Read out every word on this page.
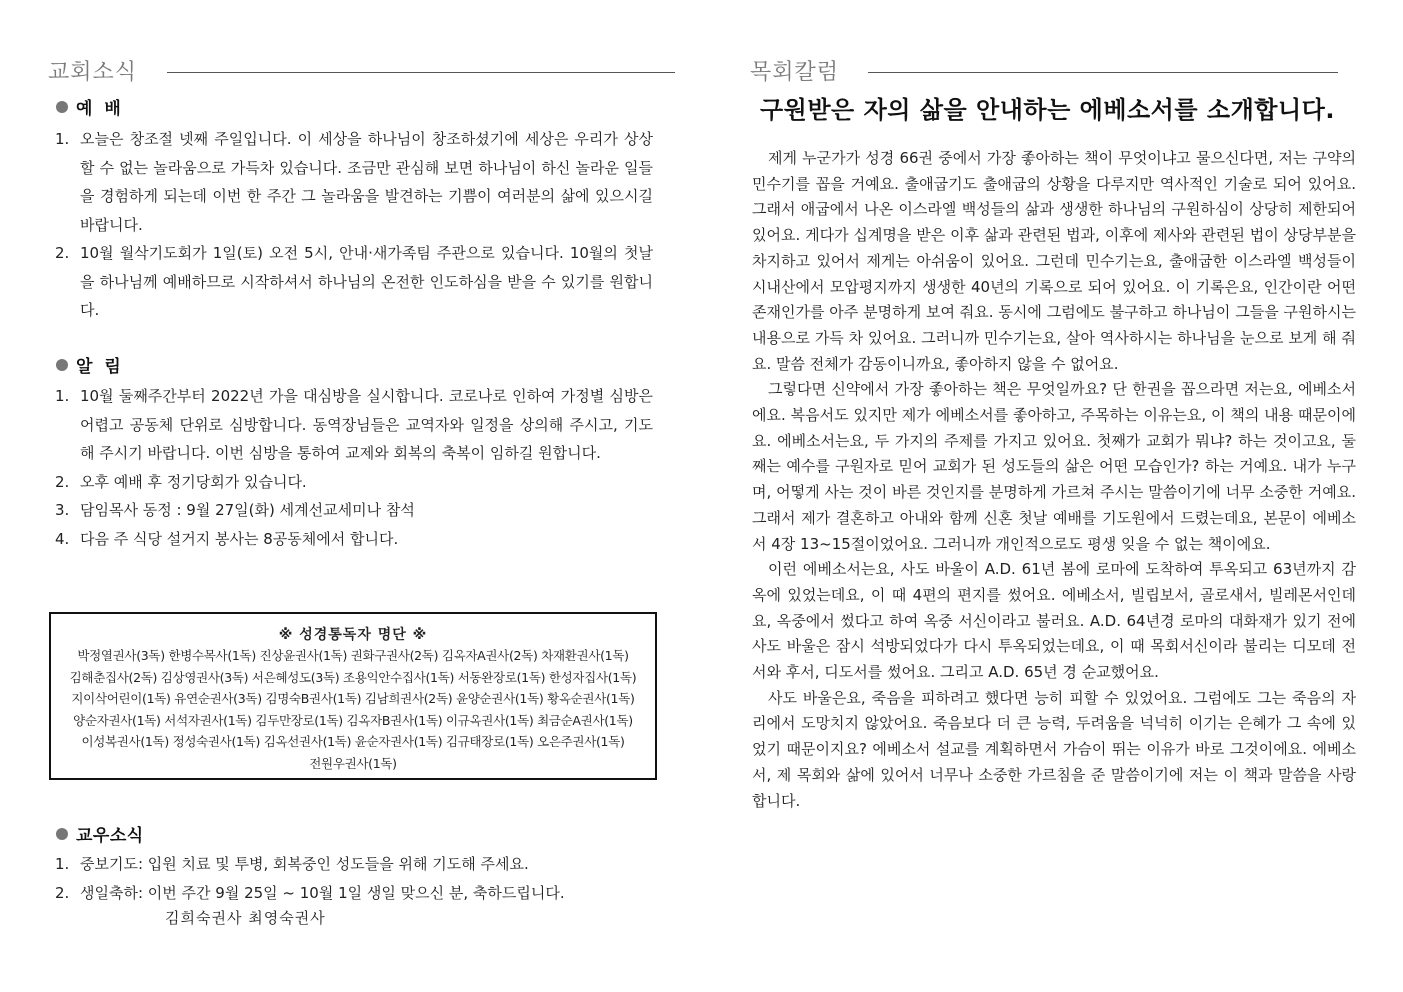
교회소식
예 배
1. 오늘은 창조절 넷째 주일입니다. 이 세상을 하나님이 창조하셨기에 세상은 우리가 상상할 수 없는 놀라움으로 가득차 있습니다. 조금만 관심해 보면 하나님이 하신 놀라운 일들을 경험하게 되는데 이번 한 주간 그 놀라움을 발견하는 기쁨이 여러분의 삶에 있으시길 바랍니다.
2. 10월 월삭기도회가 1일(토) 오전 5시, 안내·새가족팀 주관으로 있습니다. 10월의 첫날을 하나님께 예배하므로 시작하셔서 하나님의 온전한 인도하심을 받을 수 있기를 원합니다.
알 림
1. 10월 둘째주간부터 2022년 가을 대심방을 실시합니다. 코로나로 인하여 가정별 심방은 어렵고 공동체 단위로 심방합니다. 동역장님들은 교역자와 일정을 상의해 주시고, 기도해 주시기 바랍니다. 이번 심방을 통하여 교제와 회복의 축복이 임하길 원합니다.
2. 오후 예배 후 정기당회가 있습니다.
3. 담임목사 동정 : 9월 27일(화) 세계선교세미나 참석
4. 다음 주 식당 설거지 봉사는 8공동체에서 합니다.
※ 성경통독자 명단 ※
박정열권사(3독) 한병수목사(1독) 진상윤권사(1독) 권화구권사(2독) 김옥자A권사(2독) 차재환권사(1독)
김해춘집사(2독) 김상영권사(3독) 서은혜성도(3독) 조용익안수집사(1독) 서동완장로(1독) 한성자집사(1독)
지이삭어린이(1독) 유연순권사(3독) 김명숙B권사(1독) 김남희권사(2독) 윤양순권사(1독) 황옥순권사(1독)
양순자권사(1독) 서석자권사(1독) 김두만장로(1독) 김옥자B권사(1독) 이규옥권사(1독) 최금순A권사(1독)
이성복권사(1독) 정성숙권사(1독) 김옥선권사(1독) 윤순자권사(1독) 김규태장로(1독) 오은주권사(1독)
전원우권사(1독)
교우소식
1. 중보기도: 입원 치료 및 투병, 회복중인 성도들을 위해 기도해 주세요.
2. 생일축하: 이번 주간 9월 25일 ~ 10월 1일 생일 맞으신 분, 축하드립니다.
김희숙권사 최영숙권사
목회칼럼
구원받은 자의 삶을 안내하는 에베소서를 소개합니다.

제게 누군가가 성경 66권 중에서 가장 좋아하는 책이 무엇이냐고 물으신다면, 저는 구약의 민수기를 꼽을 거예요. 출애굽기도 출애굽의 상황을 다루지만 역사적인 기술로 되어 있어요. 그래서 애굽에서 나온 이스라엘 백성들의 삶과 생생한 하나님의 구원하심이 상당히 제한되어 있어요. 게다가 십계명을 받은 이후 삶과 관련된 법과, 이후에 제사와 관련된 법이 상당부분을 차지하고 있어서 제게는 아쉬움이 있어요. 그런데 민수기는요, 출애굽한 이스라엘 백성들이 시내산에서 모압평지까지 생생한 40년의 기록으로 되어 있어요. 이 기록은요, 인간이란 어떤 존재인가를 아주 분명하게 보여 줘요. 동시에 그럼에도 불구하고 하나님이 그들을 구원하시는 내용으로 가득 차 있어요. 그러니까 민수기는요, 살아 역사하시는 하나님을 눈으로 보게 해 줘요. 말씀 전체가 감동이니까요, 좋아하지 않을 수 없어요.

그렇다면 신약에서 가장 좋아하는 책은 무엇일까요? 단 한권을 꼽으라면 저는요, 에베소서에요. 복음서도 있지만 제가 에베소서를 좋아하고, 주목하는 이유는요, 이 책의 내용 때문이에요. 에베소서는요, 두 가지의 주제를 가지고 있어요. 첫째가 교회가 뭐냐? 하는 것이고요, 둘째는 예수를 구원자로 믿어 교회가 된 성도들의 삶은 어떤 모습인가? 하는 거예요. 내가 누구며, 어떻게 사는 것이 바른 것인지를 분명하게 가르쳐 주시는 말씀이기에 너무 소중한 거예요. 그래서 제가 결혼하고 아내와 함께 신혼 첫날 예배를 기도원에서 드렸는데요, 본문이 에베소서 4장 13~15절이었어요. 그러니까 개인적으로도 평생 잊을 수 없는 책이에요.

이런 에베소서는요, 사도 바울이 A.D. 61년 봄에 로마에 도착하여 투옥되고 63년까지 감옥에 있었는데요, 이 때 4편의 편지를 썼어요. 에베소서, 빌립보서, 골로새서, 빌레몬서인데요, 옥중에서 썼다고 하여 옥중 서신이라고 불러요. A.D. 64년경 로마의 대화재가 있기 전에 사도 바울은 잠시 석방되었다가 다시 투옥되었는데요, 이 때 목회서신이라 불리는 디모데 전서와 후서, 디도서를 썼어요. 그리고 A.D. 65년 경 순교했어요.

사도 바울은요, 죽음을 피하려고 했다면 능히 피할 수 있었어요. 그럼에도 그는 죽음의 자리에서 도망치지 않았어요. 죽음보다 더 큰 능력, 두려움을 넉넉히 이기는 은혜가 그 속에 있었기 때문이지요? 에베소서 설교를 계획하면서 가슴이 뛰는 이유가 바로 그것이에요. 에베소서, 제 목회와 삶에 있어서 너무나 소중한 가르침을 준 말씀이기에 저는 이 책과 말씀을 사랑합니다.
